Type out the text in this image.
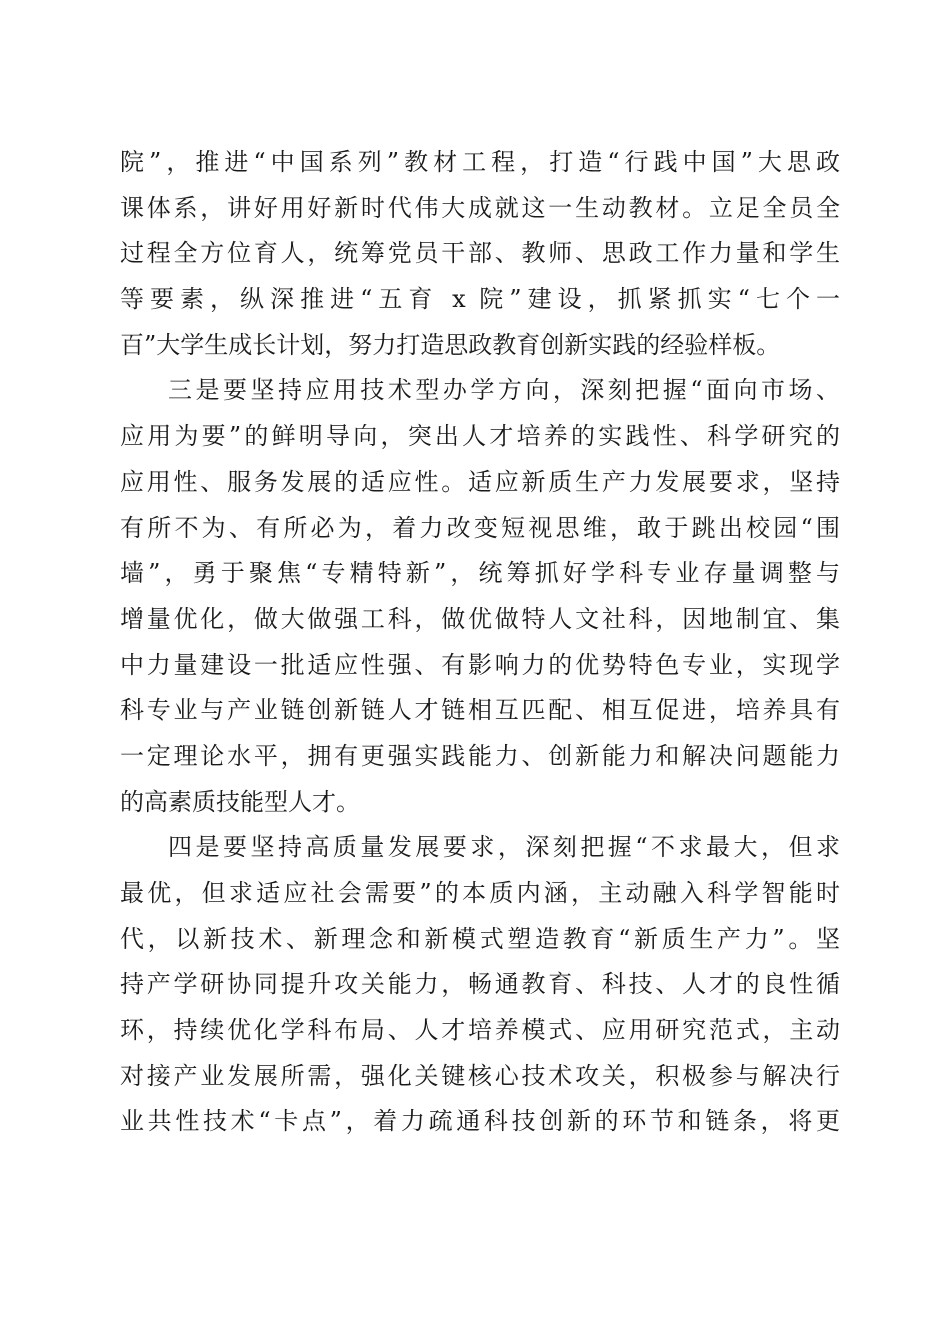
院”，推进“中国系列”教材工程，打造“行践中国”大思政
课体系，讲好用好新时代伟大成就这一生动教材。立足全员全
过程全方位育人，统筹党员干部、教师、思政工作力量和学生
等要素，纵深推进“五育 x 院”建设，抓紧抓实“七个一
百”大学生成长计划，努力打造思政教育创新实践的经验样板。
三是要坚持应用技术型办学方向，深刻把握“面向市场、
应用为要”的鲜明导向，突出人才培养的实践性、科学研究的
应用性、服务发展的适应性。适应新质生产力发展要求，坚持
有所不为、有所必为，着力改变短视思维，敢于跳出校园“围
墙”，勇于聚焦“专精特新”，统筹抓好学科专业存量调整与
增量优化，做大做强工科，做优做特人文社科，因地制宜、集
中力量建设一批适应性强、有影响力的优势特色专业，实现学
科专业与产业链创新链人才链相互匹配、相互促进，培养具有
一定理论水平，拥有更强实践能力、创新能力和解决问题能力
的高素质技能型人才。
四是要坚持高质量发展要求，深刻把握“不求最大，但求
最优，但求适应社会需要”的本质内涵，主动融入科学智能时
代，以新技术、新理念和新模式塑造教育“新质生产力”。坚
持产学研协同提升攻关能力，畅通教育、科技、人才的良性循
环，持续优化学科布局、人才培养模式、应用研究范式，主动
对接产业发展所需，强化关键核心技术攻关，积极参与解决行
业共性技术“卡点”，着力疏通科技创新的环节和链条，将更
